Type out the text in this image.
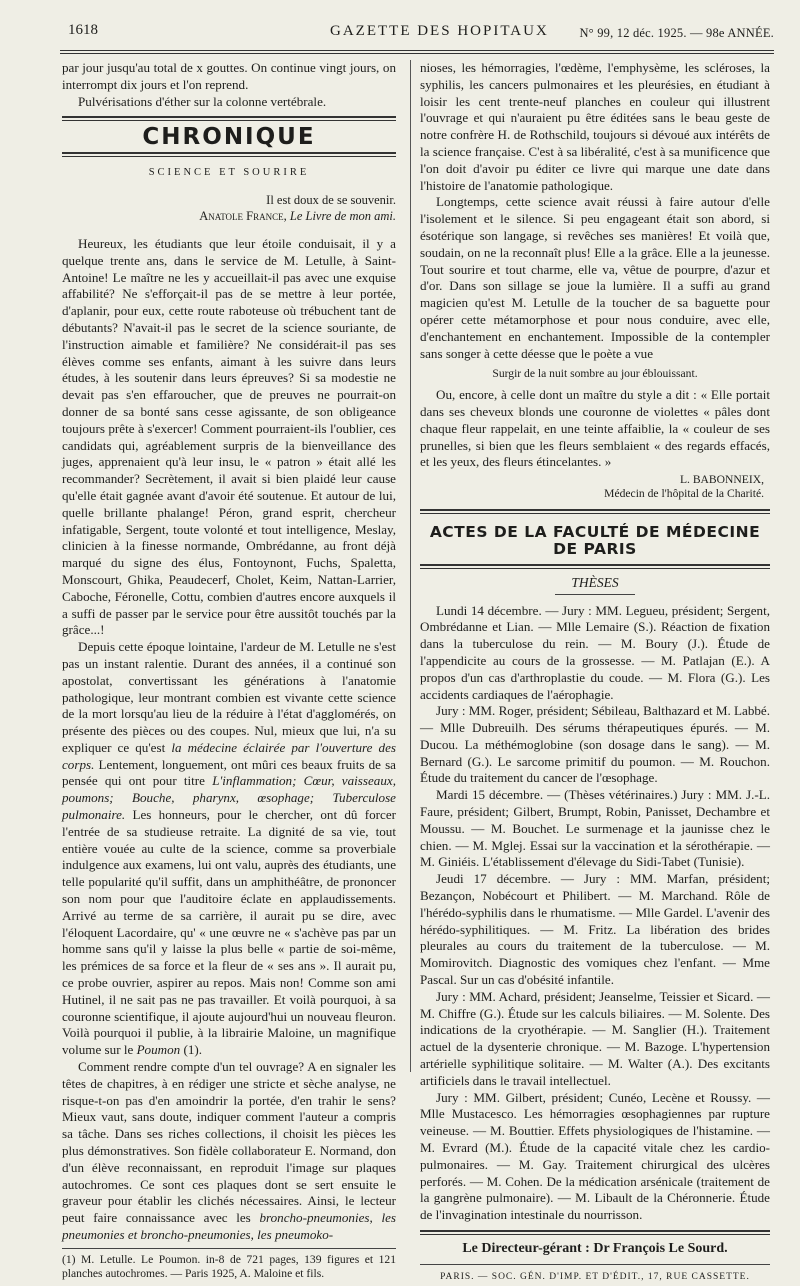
1618	GAZETTE DES HOPITAUX N° 99, 12 déc. 1925. — 98e ANNÉE.

par jour jusqu'au total de x gouttes. On continue vingt jours, on interrompt dix jours et l'on reprend.

Pulvérisations d'éther sur la colonne vertébrale.

CHRONIQUE
SCIENCE ET SOURIRE
Il est doux de se souvenir.
Anatole France, Le Livre de mon ami.

Heureux, les étudiants que leur étoile conduisait, il y a quelque trente ans, dans le service de M. Letulle, à Saint-Antoine! Le maître ne les y accueillait-il pas avec une exquise affabilité? Ne s'efforçait-il pas de se mettre à leur portée, d'aplanir, pour eux, cette route raboteuse où trébuchent tant de débutants? N'avait-il pas le secret de la science souriante, de l'instruction aimable et familière? Ne considérait-il pas ses élèves comme ses enfants, aimant à les suivre dans leurs études, à les soutenir dans leurs épreuves? Si sa modestie ne devait pas s'en effaroucher, que de preuves ne pourrait-on donner de sa bonté sans cesse agissante, de son obligeance toujours prête à s'exercer! Comment pourraient-ils l'oublier, ces candidats qui, agréablement surpris de la bienveillance des juges, apprenaient qu'à leur insu, le « patron » était allé les recommander? Secrètement, il avait si bien plaidé leur cause qu'elle était gagnée avant d'avoir été soutenue. Et autour de lui, quelle brillante phalange! Péron, grand esprit, chercheur infatigable, Sergent, toute volonté et tout intelligence, Meslay, clinicien à la finesse normande, Ombrédanne, au front déjà marqué du signe des élus, Fontoynont, Fuchs, Spaletta, Monscourt, Ghika, Peaudecerf, Cholet, Keim, Nattan-Larrier, Caboche, Féronelle, Cottu, combien d'autres encore auxquels il a suffi de passer par le service pour être aussitôt touchés par la grâce...!

Depuis cette époque lointaine, l'ardeur de M. Letulle ne s'est pas un instant ralentie. Durant des années, il a continué son apostolat, convertissant les générations à l'anatomie pathologique, leur montrant combien est vivante cette science de la mort lorsqu'au lieu de la réduire à l'état d'agglomérés, on présente des pièces ou des coupes. Nul, mieux que lui, n'a su expliquer ce qu'est la médecine éclairée par l'ouverture des corps. Lentement, longuement, ont mûri ces beaux fruits de sa pensée qui ont pour titre L'inflammation; Cœur, vaisseaux, poumons; Bouche, pharynx, œsophage; Tuberculose pulmonaire. Les honneurs, pour le chercher, ont dû forcer l'entrée de sa studieuse retraite. La dignité de sa vie, tout entière vouée au culte de la science, comme sa proverbiale indulgence aux examens, lui ont valu, auprès des étudiants, une telle popularité qu'il suffit, dans un amphithéâtre, de prononcer son nom pour que l'auditoire éclate en applaudissements. Arrivé au terme de sa carrière, il aurait pu se dire, avec l'éloquent Lacordaire, qu' « une œuvre ne « s'achève pas par un homme sans qu'il y laisse la plus belle « partie de soi-même, les prémices de sa force et la fleur de « ses ans ». Il aurait pu, ce probe ouvrier, aspirer au repos. Mais non! Comme son ami Hutinel, il ne sait pas ne pas travailler. Et voilà pourquoi, à sa couronne scientifique, il ajoute aujourd'hui un nouveau fleuron. Voilà pourquoi il publie, à la librairie Maloine, un magnifique volume sur le Poumon (1).

Comment rendre compte d'un tel ouvrage? A en signaler les têtes de chapitres, à en rédiger une stricte et sèche analyse, ne risque-t-on pas d'en amoindrir la portée, d'en trahir le sens? Mieux vaut, sans doute, indiquer comment l'auteur a compris sa tâche. Dans ses riches collections, il choisit les pièces les plus démonstratives. Son fidèle collaborateur E. Normand, don d'un élève reconnaissant, en reproduit l'image sur plaques autochromes. Ce sont ces plaques dont se sert ensuite le graveur pour établir les clichés nécessaires. Ainsi, le lecteur peut faire connaissance avec les broncho-pneumonies, les pneumonies et broncho-pneumonies, les pneumoko-

(1) M. Letulle. Le Poumon. in-8 de 721 pages, 139 figures et 121 planches autochromes. — Paris 1925, A. Maloine et fils.

nioses, les hémorragies, l'œdème, l'emphysème, les scléroses, la syphilis, les cancers pulmonaires et les pleurésies, en étudiant à loisir les cent trente-neuf planches en couleur qui illustrent l'ouvrage et qui n'auraient pu être éditées sans le beau geste de notre confrère H. de Rothschild, toujours si dévoué aux intérêts de la science française. C'est à sa libéralité, c'est à sa munificence que l'on doit d'avoir pu éditer ce livre qui marque une date dans l'histoire de l'anatomie pathologique.

Longtemps, cette science avait réussi à faire autour d'elle l'isolement et le silence. Si peu engageant était son abord, si ésotérique son langage, si revêches ses manières! Et voilà que, soudain, on ne la reconnaît plus! Elle a la grâce. Elle a la jeunesse. Tout sourire et tout charme, elle va, vêtue de pourpre, d'azur et d'or. Dans son sillage se joue la lumière. Il a suffi au grand magicien qu'est M. Letulle de la toucher de sa baguette pour opérer cette métamorphose et pour nous conduire, avec elle, d'enchantement en enchantement. Impossible de la contempler sans songer à cette déesse que le poète a vue

Surgir de la nuit sombre au jour éblouissant.

Ou, encore, à celle dont un maître du style a dit : « Elle portait dans ses cheveux blonds une couronne de violettes « pâles dont chaque fleur rappelait, en une teinte affaiblie, la « couleur de ses prunelles, si bien que les fleurs semblaient « des regards effacés, et les yeux, des fleurs étincelantes. »

L. BABONNEIX,
Médecin de l'hôpital de la Charité.
ACTES DE LA FACULTÉ DE MÉDECINE DE PARIS
THÈSES

Lundi 14 décembre. — Jury : MM. Legueu, président; Sergent, Ombrédanne et Lian. — Mlle Lemaire (S.). Réaction de fixation dans la tuberculose du rein. — M. Boury (J.). Étude de l'appendicite au cours de la grossesse. — M. Patlajan (E.). A propos d'un cas d'arthroplastie du coude. — M. Flora (G.). Les accidents cardiaques de l'aérophagie.

Jury : MM. Roger, président; Sébileau, Balthazard et M. Labbé. — Mlle Dubreuilh. Des sérums thérapeutiques épurés. — M. Ducou. La méthémoglobine (son dosage dans le sang). — M. Bernard (G.). Le sarcome primitif du poumon. — M. Rouchon. Étude du traitement du cancer de l'œsophage.

Mardi 15 décembre. — (Thèses vétérinaires.) Jury : MM. J.-L. Faure, président; Gilbert, Brumpt, Robin, Panisset, Dechambre et Moussu. — M. Bouchet. Le surmenage et la jaunisse chez le chien. — M. Mglej. Essai sur la vaccination et la sérothérapie. — M. Giniéis. L'établissement d'élevage du Sidi-Tabet (Tunisie).

Jeudi 17 décembre. — Jury : MM. Marfan, président; Bezançon, Nobécourt et Philibert. — M. Marchand. Rôle de l'hérédo-syphilis dans le rhumatisme. — Mlle Gardel. L'avenir des hérédo-syphilitiques. — M. Fritz. La libération des brides pleurales au cours du traitement de la tuberculose. — M. Momirovitch. Diagnostic des vomiques chez l'enfant. — Mme Pascal. Sur un cas d'obésité infantile.

Jury : MM. Achard, président; Jeanselme, Teissier et Sicard. — M. Chiffre (G.). Étude sur les calculs biliaires. — M. Solente. Des indications de la cryothérapie. — M. Sanglier (H.). Traitement actuel de la dysenterie chronique. — M. Bazoge. L'hypertension artérielle syphilitique solitaire. — M. Walter (A.). Des excitants artificiels dans le travail intellectuel.

Jury : MM. Gilbert, président; Cunéo, Lecène et Roussy. — Mlle Mustacesco. Les hémorragies œsophagiennes par rupture veineuse. — M. Bouttier. Effets physiologiques de l'histamine. — M. Evrard (M.). Étude de la capacité vitale chez les cardio-pulmonaires. — M. Gay. Traitement chirurgical des ulcères perforés. — M. Cohen. De la médication arsénicale (traitement de la gangrène pulmonaire). — M. Libault de la Chéronnerie. Étude de l'invagination intestinale du nourrisson.

Le Directeur-gérant : Dr François Le Sourd.
PARIS. — SOC. GÉN. D'IMP. ET D'ÉDIT., 17, RUE CASSETTE.
